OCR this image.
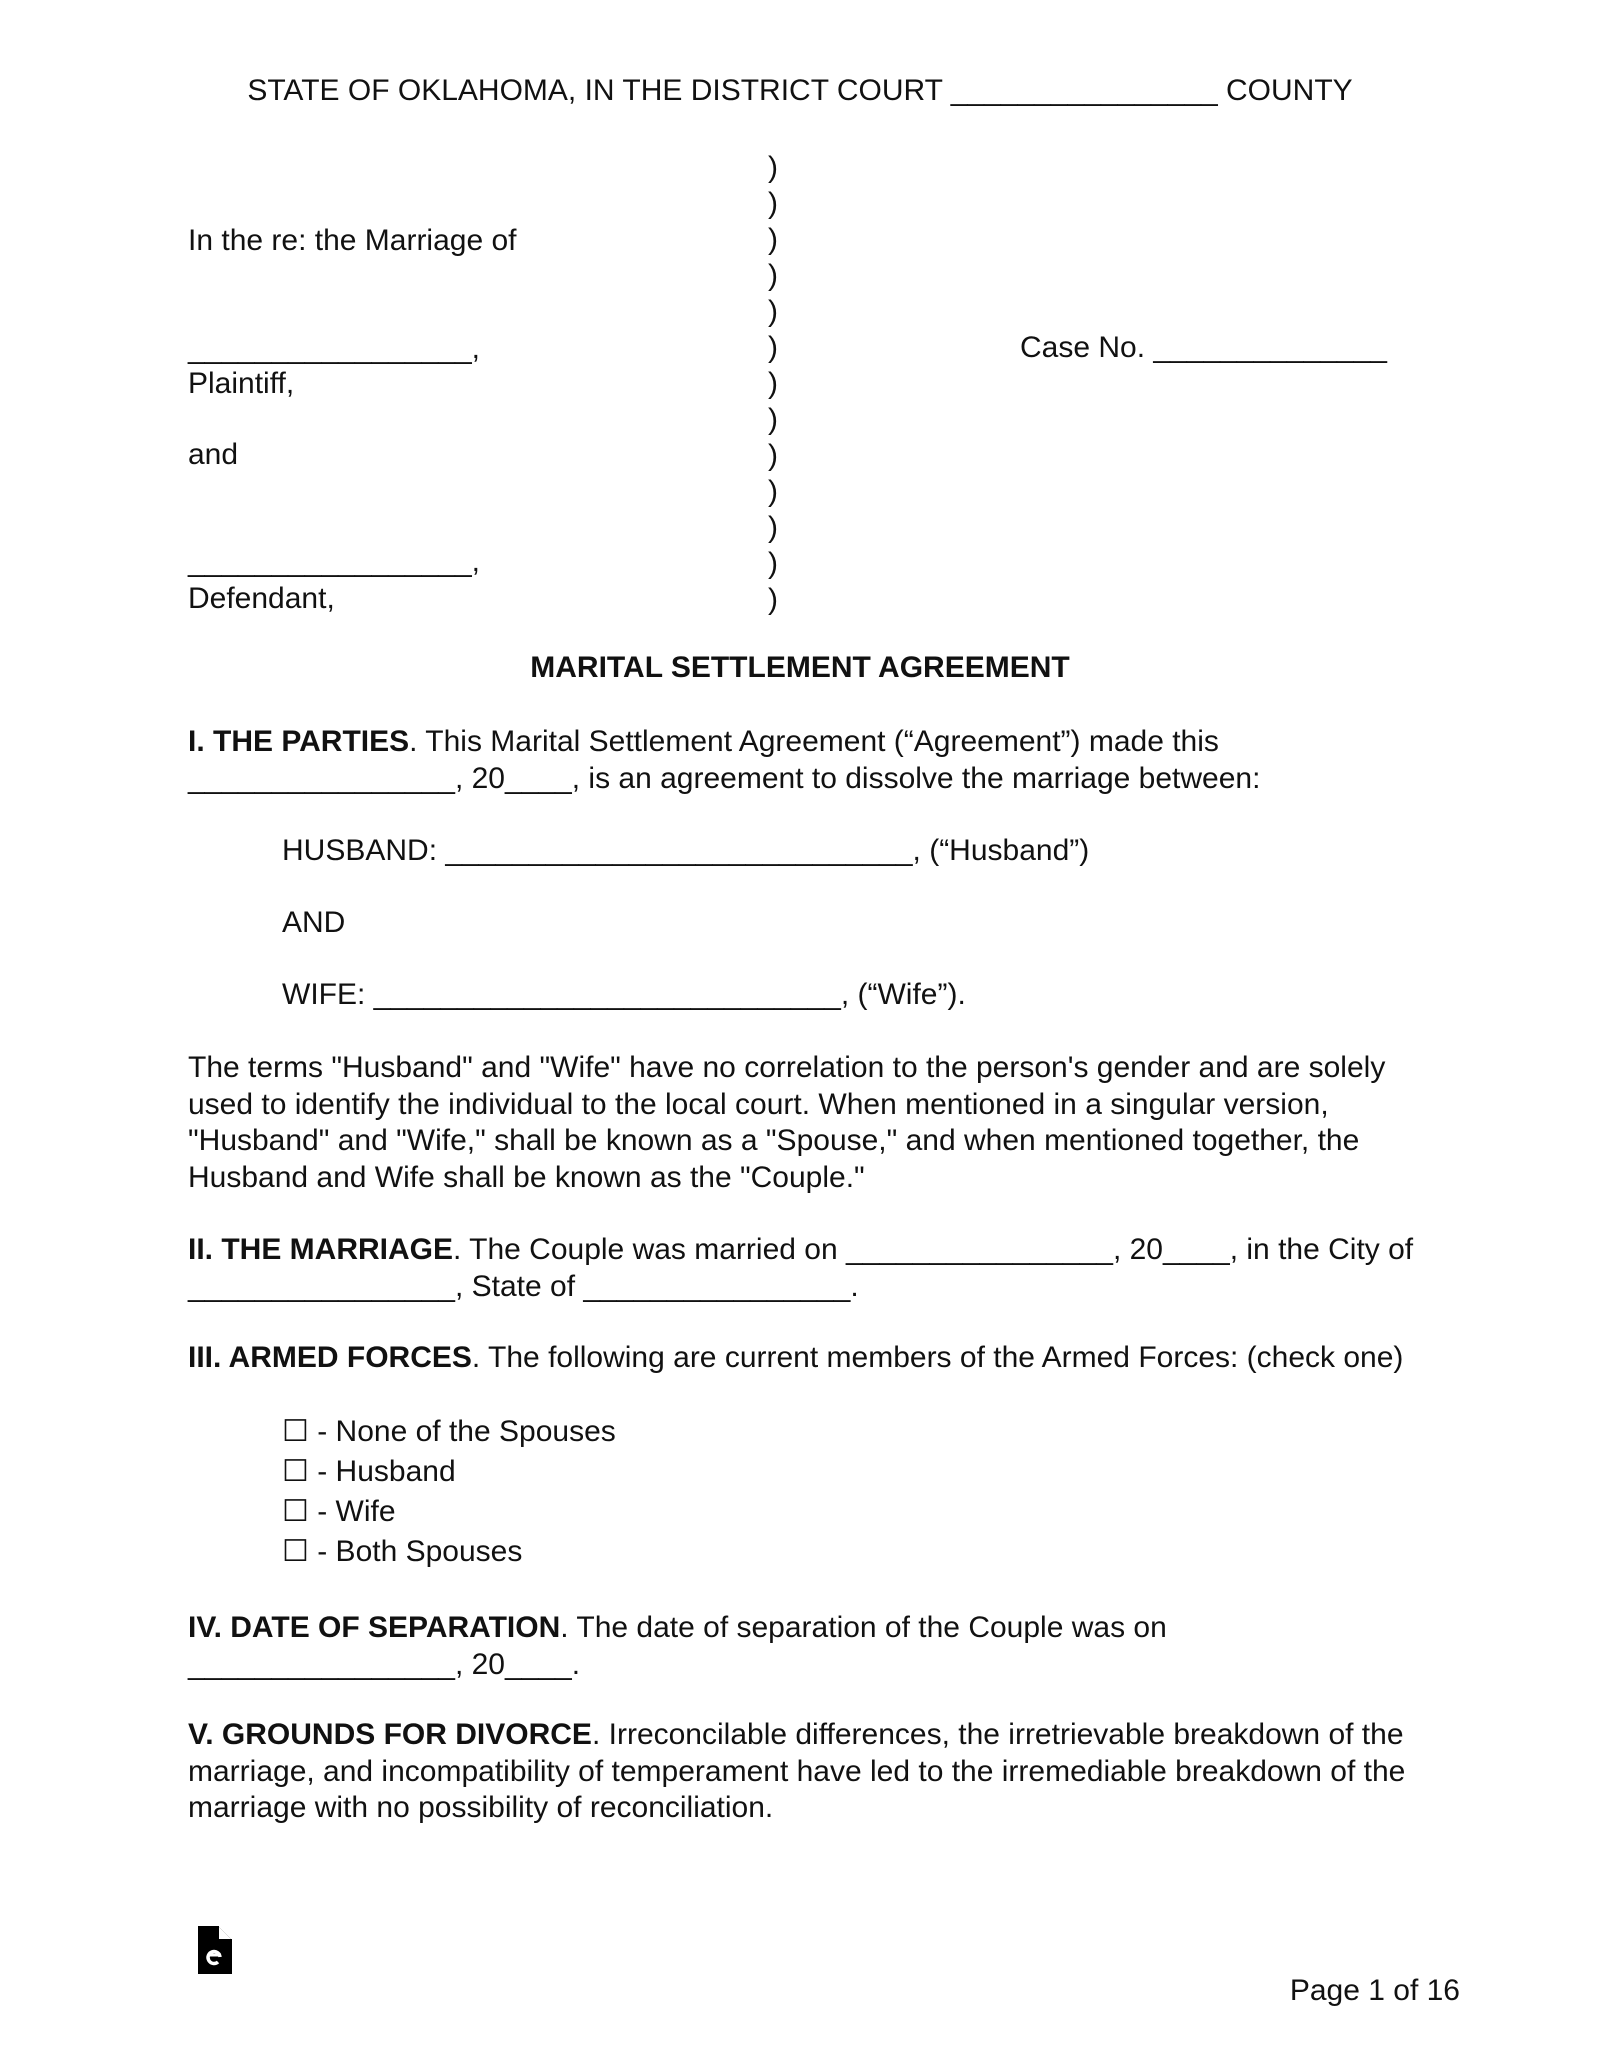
STATE OF OKLAHOMA, IN THE DISTRICT COURT ________________ COUNTY

In the re: the Marriage of

_________________,

Plaintiff,

and

_________________,

Defendant,

Case No. ______________

)
)
)
)
)
)
)
)
)
)
)
)
)

MARITAL SETTLEMENT AGREEMENT

I. THE PARTIES. This Marital Settlement Agreement (“Agreement”) made this ________________, 20____, is an agreement to dissolve the marriage between:

HUSBAND: ____________________________, (“Husband”)

AND

WIFE: ____________________________, (“Wife”).

The terms "Husband" and "Wife" have no correlation to the person's gender and are solely used to identify the individual to the local court. When mentioned in a singular version, "Husband" and "Wife," shall be known as a "Spouse," and when mentioned together, the Husband and Wife shall be known as the "Couple."

II. THE MARRIAGE. The Couple was married on ________________, 20____, in the City of ________________, State of ________________.

III. ARMED FORCES. The following are current members of the Armed Forces: (check one)

☐ - None of the Spouses

☐ - Husband

☐ - Wife

☐ - Both Spouses

IV. DATE OF SEPARATION. The date of separation of the Couple was on ________________, 20____.

V. GROUNDS FOR DIVORCE. Irreconcilable differences, the irretrievable breakdown of the marriage, and incompatibility of temperament have led to the irremediable breakdown of the marriage with no possibility of reconciliation.

Page 1 of 16
